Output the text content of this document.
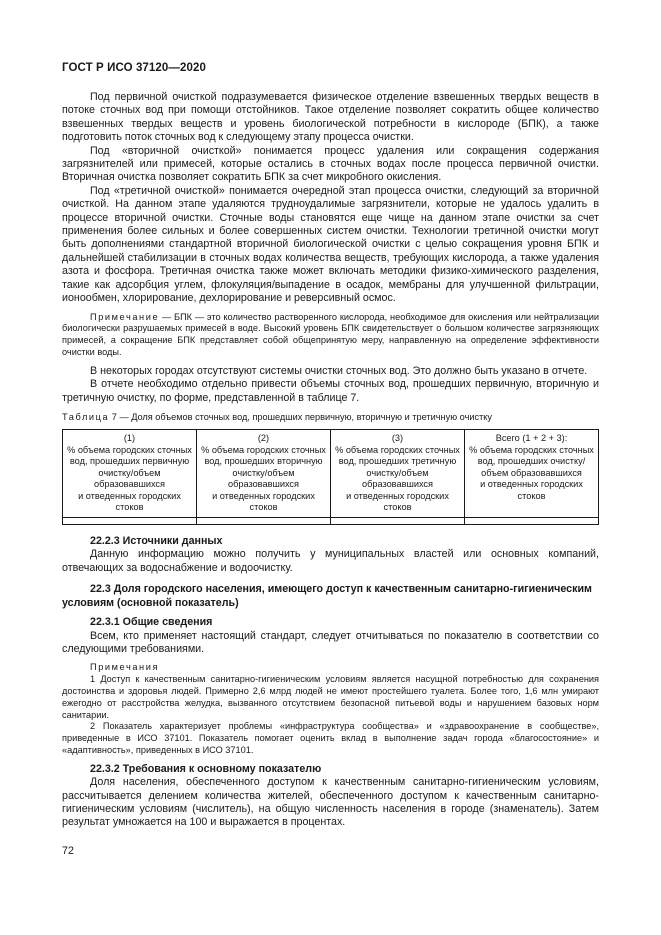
ГОСТ Р ИСО 37120—2020

Под первичной очисткой подразумевается физическое отделение взвешенных твердых веществ в потоке сточных вод при помощи отстойников. Такое отделение позволяет сократить общее количество взвешенных твердых веществ и уровень биологической потребности в кислороде (БПК), а также подготовить поток сточных вод к следующему этапу процесса очистки.

Под «вторичной очисткой» понимается процесс удаления или сокращения содержания загрязнителей или примесей, которые остались в сточных водах после процесса первичной очистки. Вторичная очистка позволяет сократить БПК за счет микробного окисления.

Под «третичной очисткой» понимается очередной этап процесса очистки, следующий за вторичной очисткой. На данном этапе удаляются трудноудалимые загрязнители, которые не удалось удалить в процессе вторичной очистки. Сточные воды становятся еще чище на данном этапе очистки за счет применения более сильных и более совершенных систем очистки. Технологии третичной очистки могут быть дополнениями стандартной вторичной биологической очистки с целью сокращения уровня БПК и дальнейшей стабилизации в сточных водах количества веществ, требующих кислорода, а также удаления азота и фосфора. Третичная очистка также может включать методики физико-химического разделения, такие как адсорбция углем, флокуляция/выпадение в осадок, мембраны для улучшенной фильтрации, ионообмен, хлорирование, дехлорирование и реверсивный осмос.

Примечание — БПК — это количество растворенного кислорода, необходимое для окисления или нейтрализации биологически разрушаемых примесей в воде. Высокий уровень БПК свидетельствует о большом количестве загрязняющих примесей, а сокращение БПК представляет собой общепринятую меру, направленную на определение эффективности очистки воды.

В некоторых городах отсутствуют системы очистки сточных вод. Это должно быть указано в отчете.

В отчете необходимо отдельно привести объемы сточных вод, прошедших первичную, вторичную и третичную очистку, по форме, представленной в таблице 7.

Таблица 7 — Доля объемов сточных вод, прошедших первичную, вторичную и третичную очистку

(1)
% объема городских сточных вод, прошедших первичную очистку/объем образовавшихся
и отведенных городских стоков	(2)
% объема городских сточных вод, прошедших вторичную очистку/объем образовавшихся
и отведенных городских стоков	(3)
% объема городских сточных вод, прошедших третичную очистку/объем образовавшихся
и отведенных городских стоков	Всего (1 + 2 + 3):
% объема городских сточных вод, прошедших очистку/объем образовавшихся
и отведенных городских стоков

22.2.3 Источники данных

Данную информацию можно получить у муниципальных властей или основных компаний, отвечающих за водоснабжение и водоочистку.

22.3 Доля городского населения, имеющего доступ к качественным санитарно-гигиеническим условиям (основной показатель)
22.3.1 Общие сведения

Всем, кто применяет настоящий стандарт, следует отчитываться по показателю в соответствии со следующими требованиями.

Примечания

1 Доступ к качественным санитарно-гигиеническим условиям является насущной потребностью для сохранения достоинства и здоровья людей. Примерно 2,6 млрд людей не имеют простейшего туалета. Более того, 1,6 млн умирают ежегодно от расстройства желудка, вызванного отсутствием безопасной питьевой воды и нарушением базовых норм санитарии.

2 Показатель характеризует проблемы «инфраструктура сообщества» и «здравоохранение в сообществе», приведенные в ИСО 37101. Показатель помогает оценить вклад в выполнение задач города «благосостояние» и «адаптивность», приведенных в ИСО 37101.

22.3.2 Требования к основному показателю

Доля населения, обеспеченного доступом к качественным санитарно-гигиеническим условиям, рассчитывается делением количества жителей, обеспеченного доступом к качественным санитарно-гигиеническим условиям (числитель), на общую численность населения в городе (знаменатель). Затем результат умножается на 100 и выражается в процентах.

72
